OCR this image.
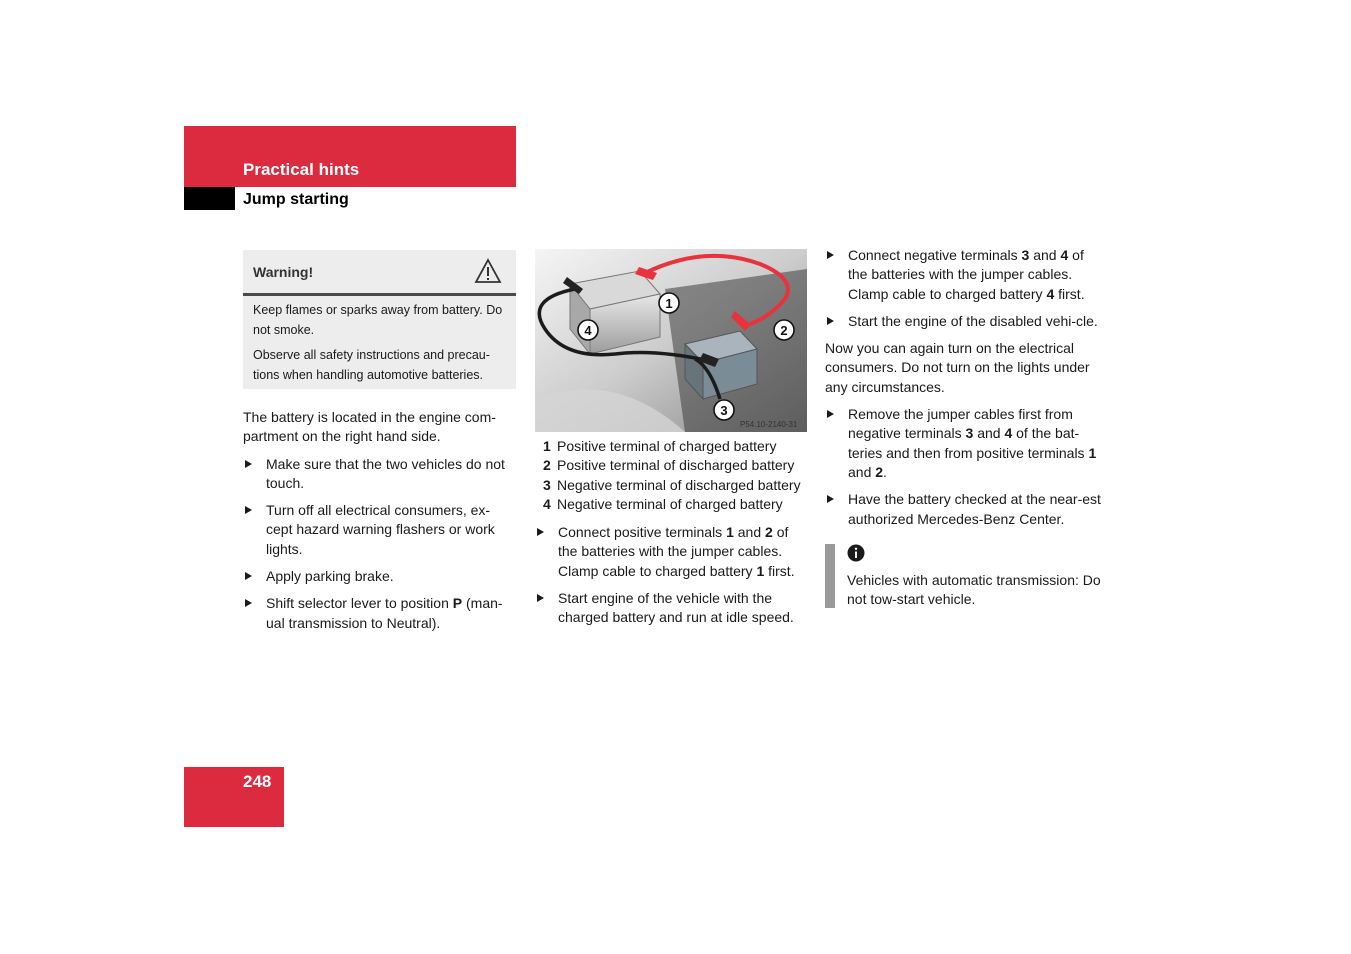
Practical hints
Jump starting
Warning!

Keep flames or sparks away from battery. Do not smoke.

Observe all safety instructions and precau-tions when handling automotive batteries.

The battery is located in the engine com-partment on the right hand side.

Make sure that the two vehicles do not touch.
Turn off all electrical consumers, ex-cept hazard warning flashers or work lights.
Apply parking brake.
Shift selector lever to position P (man-ual transmission to Neutral).
1
2
3
4
P54.10-2140-31
1 Positive terminal of charged battery
2 Positive terminal of discharged battery
3 Negative terminal of discharged battery
4 Negative terminal of charged battery
Connect positive terminals 1 and 2 of the batteries with the jumper cables. Clamp cable to charged battery 1 first.
Start engine of the vehicle with the charged battery and run at idle speed.
Connect negative terminals 3 and 4 of the batteries with the jumper cables. Clamp cable to charged battery 4 first.
Start the engine of the disabled vehi-cle.

Now you can again turn on the electrical consumers. Do not turn on the lights under any circumstances.

Remove the jumper cables first from negative terminals 3 and 4 of the bat-teries and then from positive terminals 1 and 2.
Have the battery checked at the near-est authorized Mercedes-Benz Center.
Vehicles with automatic transmission: Do not tow-start vehicle.
248
